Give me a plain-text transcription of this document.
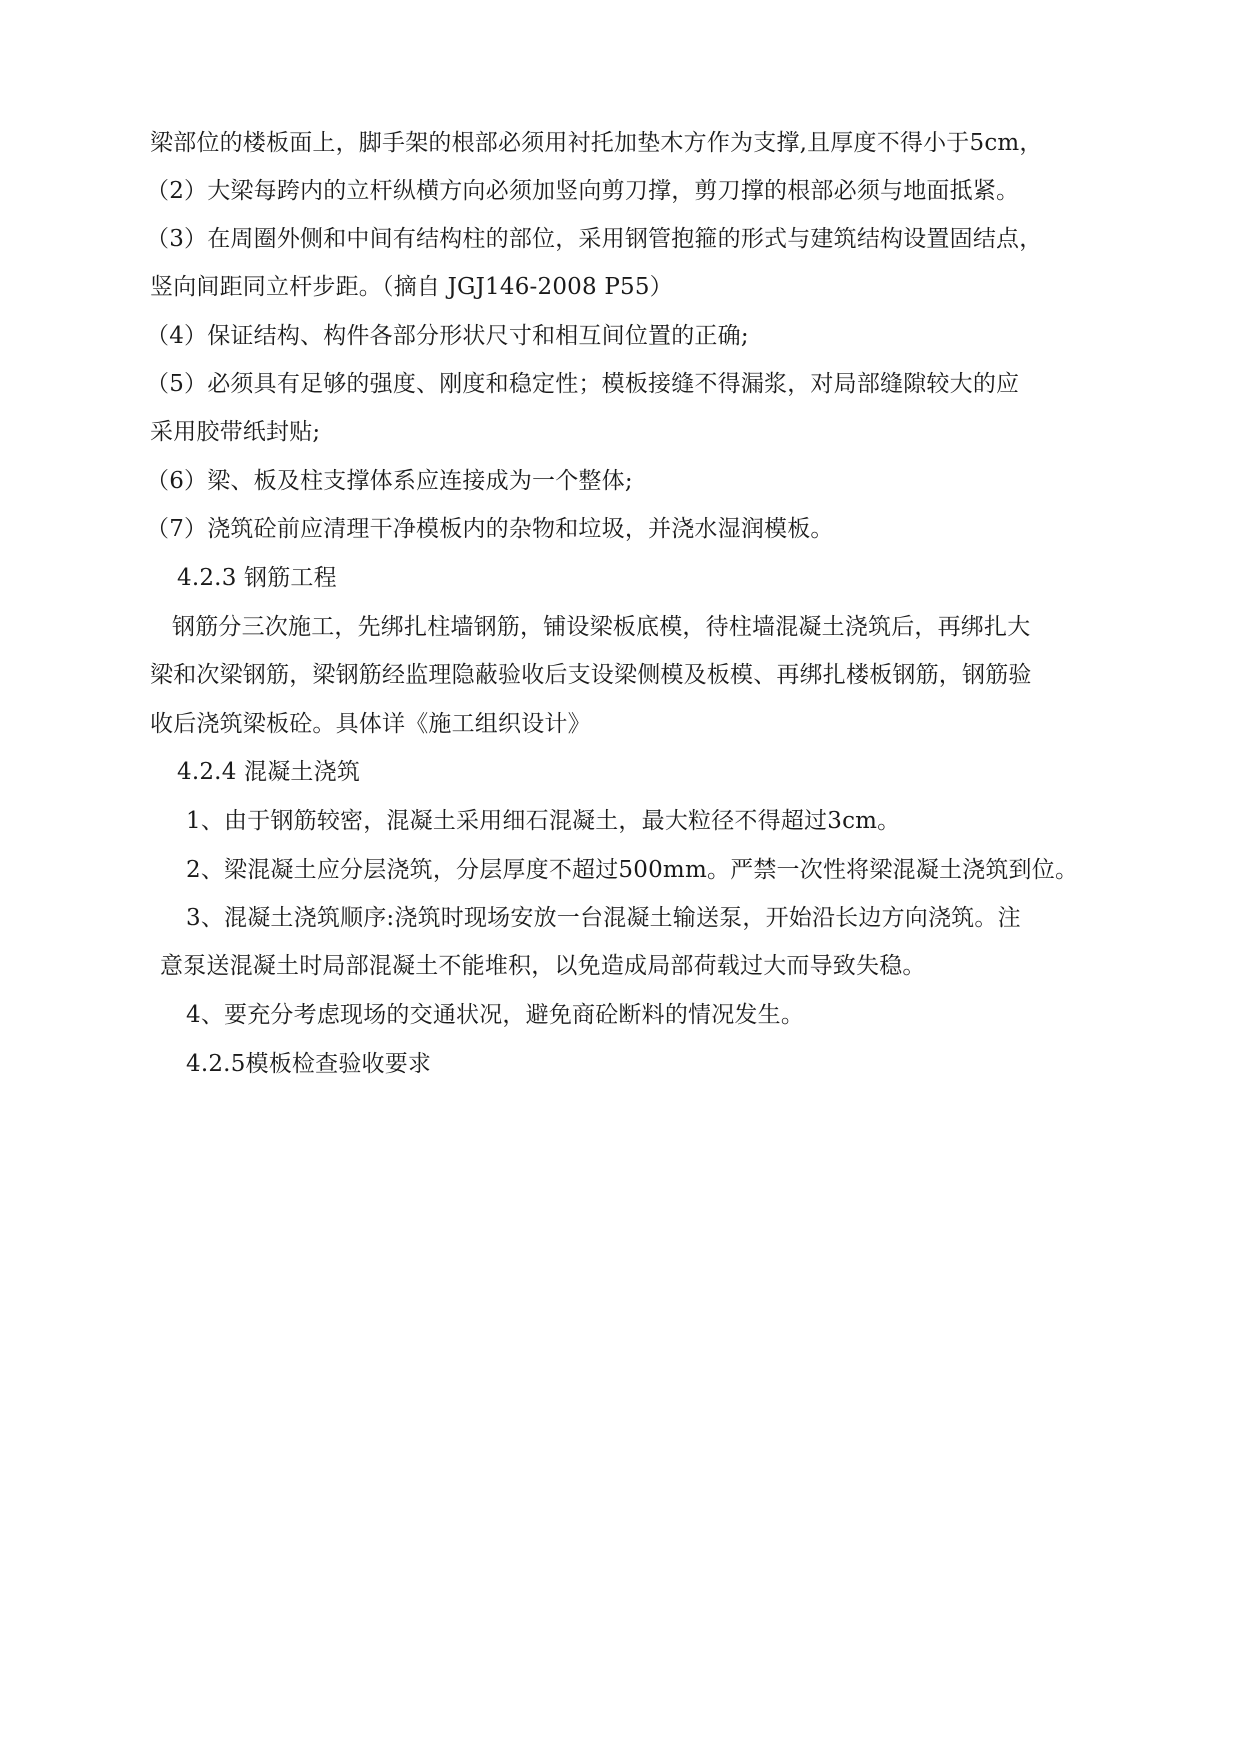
梁部位的楼板面上，脚手架的根部必须用衬托加垫木方作为支撑,且厚度不得小于5cm，
（2）大梁每跨内的立杆纵横方向必须加竖向剪刀撑，剪刀撑的根部必须与地面抵紧。
（3）在周圈外侧和中间有结构柱的部位，采用钢管抱箍的形式与建筑结构设置固结点，
竖向间距同立杆步距。（摘自 JGJ146-2008 P55）
（4）保证结构、构件各部分形状尺寸和相互间位置的正确;
（5）必须具有足够的强度、刚度和稳定性；模板接缝不得漏浆，对局部缝隙较大的应
采用胶带纸封贴;
（6）梁、板及柱支撑体系应连接成为一个整体;
（7）浇筑砼前应清理干净模板内的杂物和垃圾，并浇水湿润模板。
4.2.3 钢筋工程
钢筋分三次施工，先绑扎柱墙钢筋，铺设梁板底模，待柱墙混凝土浇筑后，再绑扎大
梁和次梁钢筋，梁钢筋经监理隐蔽验收后支设梁侧模及板模、再绑扎楼板钢筋，钢筋验
收后浇筑梁板砼。具体详《施工组织设计》
4.2.4 混凝土浇筑
1、由于钢筋较密，混凝土采用细石混凝土，最大粒径不得超过3cm。
2、梁混凝土应分层浇筑，分层厚度不超过500mm。严禁一次性将梁混凝土浇筑到位。
3、混凝土浇筑顺序:浇筑时现场安放一台混凝土输送泵，开始沿长边方向浇筑。注
意泵送混凝土时局部混凝土不能堆积，以免造成局部荷载过大而导致失稳。
4、要充分考虑现场的交通状况，避免商砼断料的情况发生。
4.2.5模板检查验收要求
